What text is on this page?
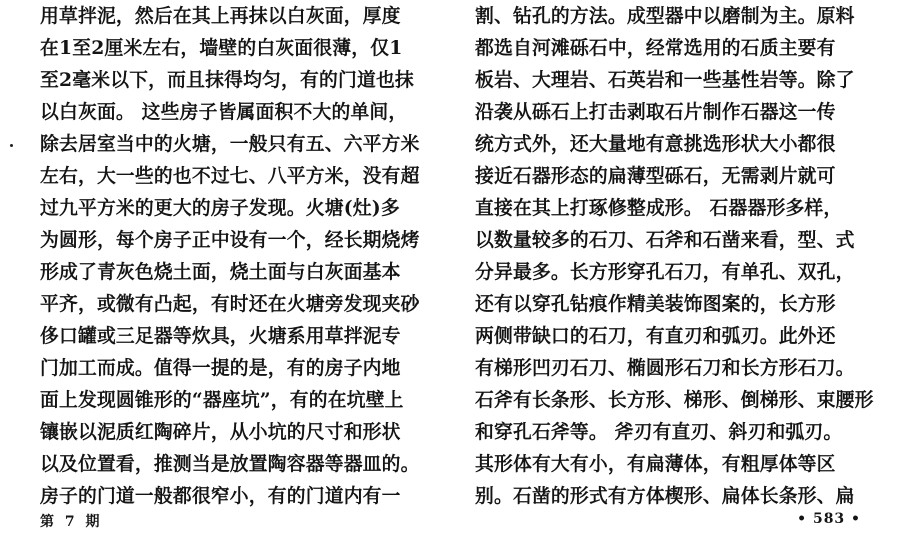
用草拌泥，然后在其上再抹以白灰面，厚度
在1至2厘米左右，墙壁的白灰面很薄，仅1
至2毫米以下，而且抹得均匀，有的门道也抹
以白灰面。 这些房子皆属面积不大的单间，
除去居室当中的火塘，一般只有五、六平方米
左右，大一些的也不过七、八平方米，没有超
过九平方米的更大的房子发现。火塘(灶)多
为圆形，每个房子正中设有一个，经长期烧烤
形成了青灰色烧土面，烧土面与白灰面基本
平齐，或微有凸起，有时还在火塘旁发现夹砂
侈口罐或三足器等炊具，火塘系用草拌泥专
门加工而成。值得一提的是，有的房子内地
面上发现圆锥形的“器座坑”，有的在坑壁上
镶嵌以泥质红陶碎片，从小坑的尺寸和形状
以及位置看，推测当是放置陶容器等器皿的。
房子的门道一般都很窄小，有的门道内有一
割、钻孔的方法。成型器中以磨制为主。原料
都选自河滩砾石中，经常选用的石质主要有
板岩、大理岩、石英岩和一些基性岩等。除了
沿袭从砾石上打击剥取石片制作石器这一传
统方式外，还大量地有意挑选形状大小都很
接近石器形态的扁薄型砾石，无需剥片就可
直接在其上打琢修整成形。 石器器形多样，
以数量较多的石刀、石斧和石凿来看，型、式
分异最多。长方形穿孔石刀，有单孔、双孔，
还有以穿孔钻痕作精美装饰图案的，长方形
两侧带缺口的石刀，有直刃和弧刃。此外还
有梯形凹刃石刀、椭圆形石刀和长方形石刀。
石斧有长条形、长方形、梯形、倒梯形、束腰形
和穿孔石斧等。 斧刃有直刃、斜刃和弧刃。
其形体有大有小，有扁薄体，有粗厚体等区
别。石凿的形式有方体楔形、扁体长条形、扁
第 7 期	• 583 •
